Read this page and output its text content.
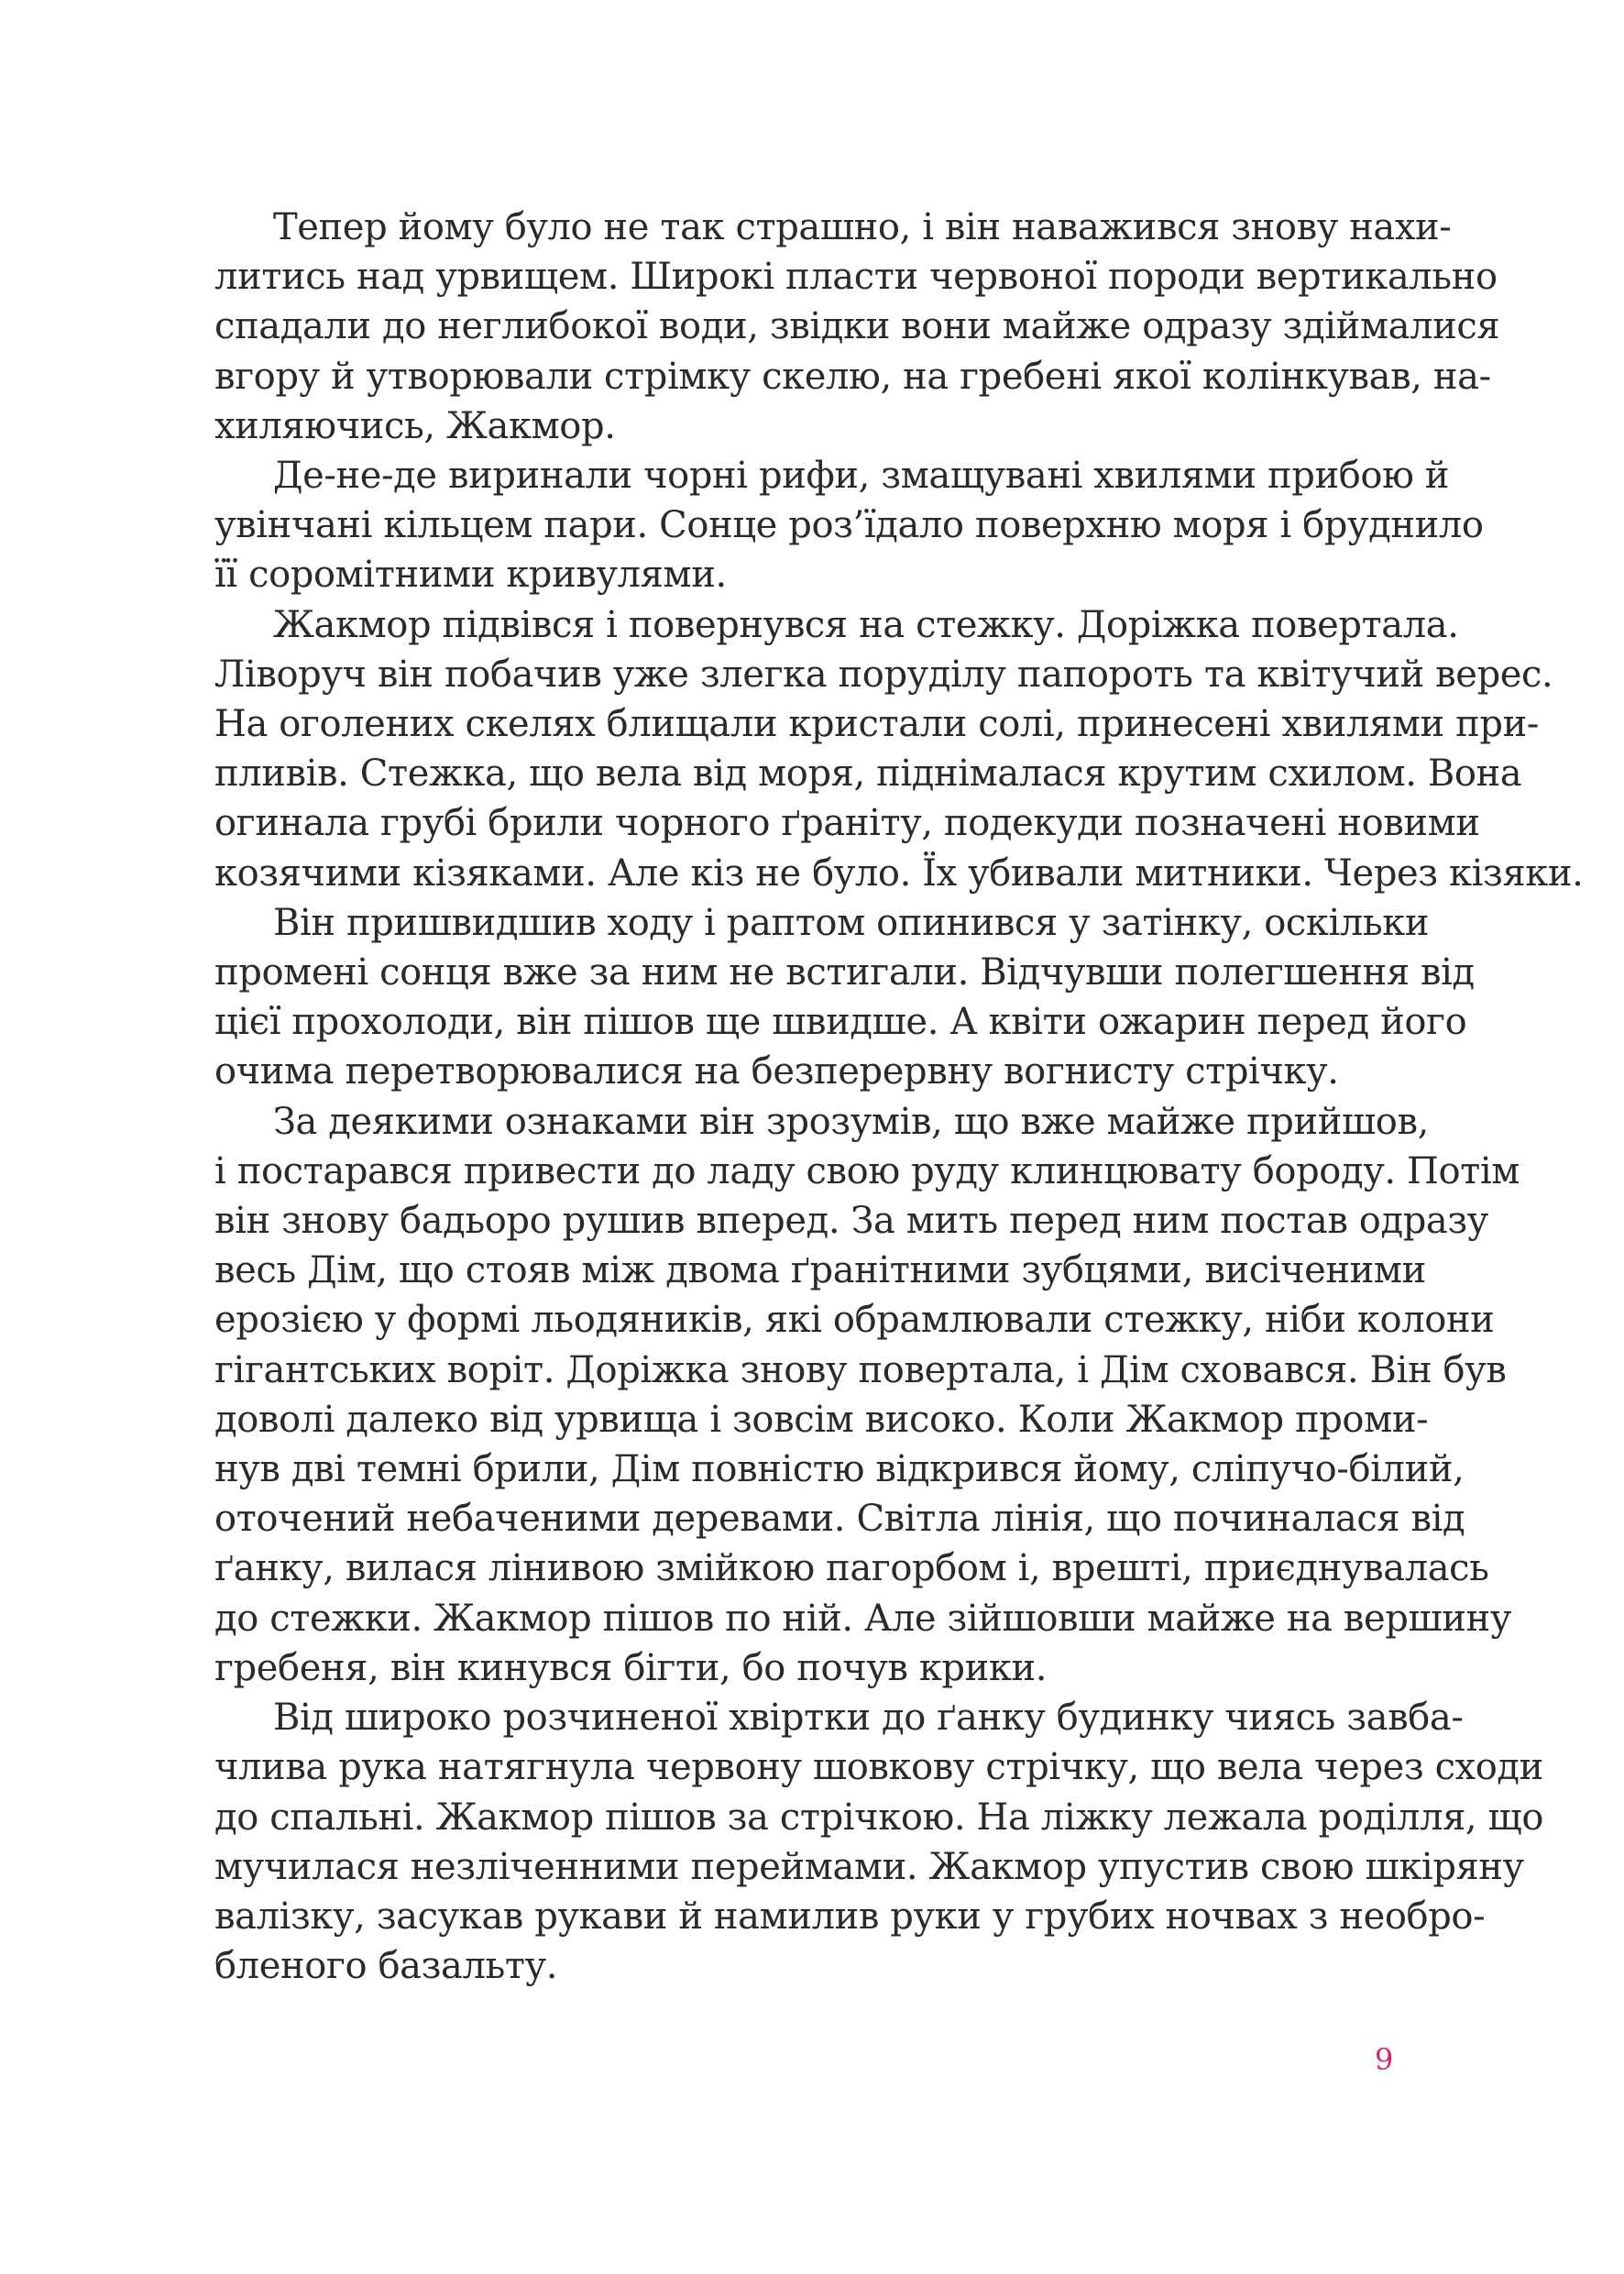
Тепер йому було не так страшно, і він наважився знову нахи-
литись над урвищем. Широкі пласти червоної породи вертикально
спадали до неглибокої води, звідки вони майже одразу здіймалися
вгору й утворювали стрімку скелю, на гребені якої колінкував, на-
хиляючись, Жакмор.

Де-не-де виринали чорні рифи, змащувані хвилями прибою й
увінчані кільцем пари. Сонце роз’їдало поверхню моря і бруднило
її соромітними кривулями.

Жакмор підвівся і повернувся на стежку. Доріжка повертала.
Ліворуч він побачив уже злегка поруділу папороть та квітучий верес.
На оголених скелях блищали кристали солі, принесені хвилями при-
пливів. Стежка, що вела від моря, піднімалася крутим схилом. Вона
огинала грубі брили чорного ґраніту, подекуди позначені новими
козячими кізяками. Але кіз не було. Їх убивали митники. Через кізяки.

Він пришвидшив ходу і раптом опинився у затінку, оскільки
промені сонця вже за ним не встигали. Відчувши полегшення від
цієї прохолоди, він пішов ще швидше. А квіти ожарин перед його
очима перетворювалися на безперервну вогнисту стрічку.

За деякими ознаками він зрозумів, що вже майже прийшов,
і постарався привести до ладу свою руду клинцювату бороду. Потім
він знову бадьоро рушив вперед. За мить перед ним постав одразу
весь Дім, що стояв між двома ґранітними зубцями, висіченими
ерозією у формі льодяників, які обрамлювали стежку, ніби колони
гігантських воріт. Доріжка знову повертала, і Дім сховався. Він був
доволі далеко від урвища і зовсім високо. Коли Жакмор проми-
нув дві темні брили, Дім повністю відкрився йому, сліпучо-білий,
оточений небаченими деревами. Світла лінія, що починалася від
ґанку, вилася лінивою змійкою пагорбом і, врешті, приєднувалась
до стежки. Жакмор пішов по ній. Але зійшовши майже на вершину
гребеня, він кинувся бігти, бо почув крики.

Від широко розчиненої хвіртки до ґанку будинку чиясь завба-
члива рука натягнула червону шовкову стрічку, що вела через сходи
до спальні. Жакмор пішов за стрічкою. На ліжку лежала роділля, що
мучилася незліченними переймами. Жакмор упустив свою шкіряну
валізку, засукав рукави й намилив руки у грубих ночвах з необро-
бленого базальту.

9
